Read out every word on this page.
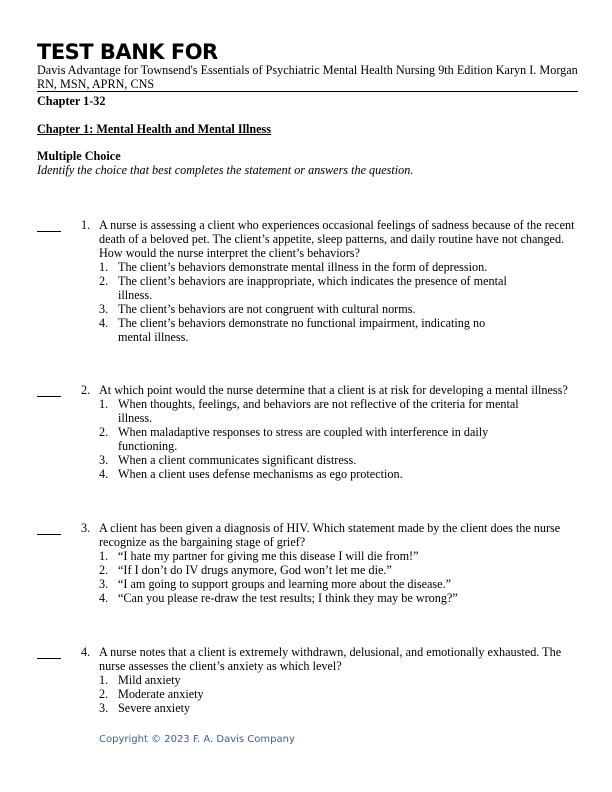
TEST BANK FOR
Davis Advantage for Townsend's Essentials of Psychiatric Mental Health Nursing 9th Edition Karyn I. Morgan RN, MSN, APRN, CNS
Chapter 1-32
Chapter 1: Mental Health and Mental Illness
Multiple Choice
Identify the choice that best completes the statement or answers the question.
1. A nurse is assessing a client who experiences occasional feelings of sadness because of the recent death of a beloved pet. The client’s appetite, sleep patterns, and daily routine have not changed. How would the nurse interpret the client’s behaviors?
1. The client’s behaviors demonstrate mental illness in the form of depression.
2. The client’s behaviors are inappropriate, which indicates the presence of mental illness.
3. The client’s behaviors are not congruent with cultural norms.
4. The client’s behaviors demonstrate no functional impairment, indicating no mental illness.
2. At which point would the nurse determine that a client is at risk for developing a mental illness?
1. When thoughts, feelings, and behaviors are not reflective of the criteria for mental illness.
2. When maladaptive responses to stress are coupled with interference in daily functioning.
3. When a client communicates significant distress.
4. When a client uses defense mechanisms as ego protection.
3. A client has been given a diagnosis of HIV. Which statement made by the client does the nurse recognize as the bargaining stage of grief?
1. “I hate my partner for giving me this disease I will die from!”
2. “If I don’t do IV drugs anymore, God won’t let me die.”
3. “I am going to support groups and learning more about the disease.”
4. “Can you please re-draw the test results; I think they may be wrong?”
4. A nurse notes that a client is extremely withdrawn, delusional, and emotionally exhausted. The nurse assesses the client’s anxiety as which level?
1. Mild anxiety
2. Moderate anxiety
3. Severe anxiety
Copyright © 2023 F. A. Davis Company
